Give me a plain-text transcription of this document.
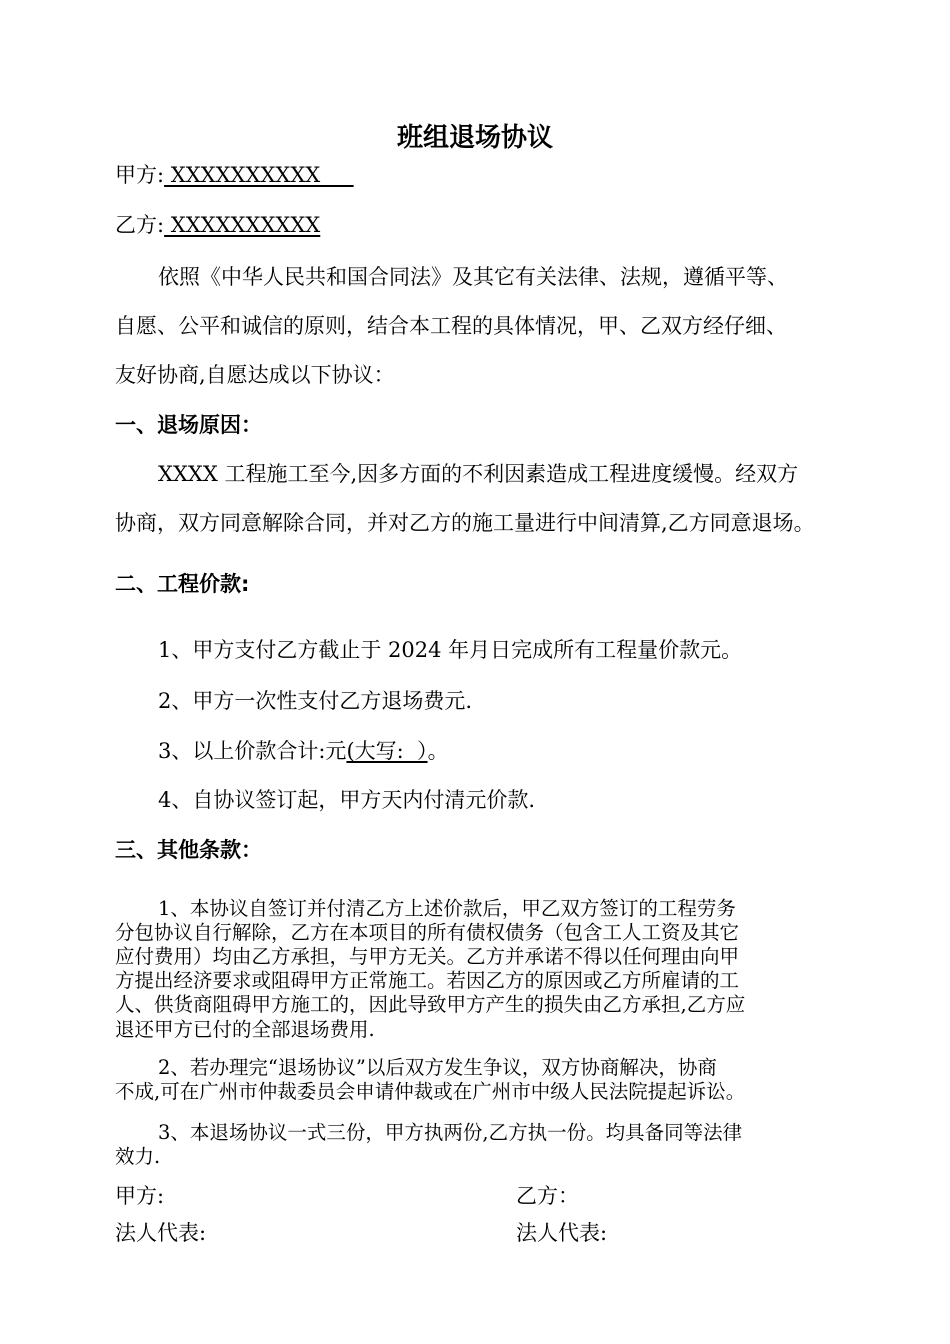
班组退场协议
甲方: XXXXXXXXXX
乙方: XXXXXXXXXX
依照《中华人民共和国合同法》及其它有关法律、法规，遵循平等、
自愿、公平和诚信的原则，结合本工程的具体情况，甲、乙双方经仔细、
友好协商,自愿达成以下协议：
一、退场原因：
XXXX 工程施工至今,因多方面的不利因素造成工程进度缓慢。经双方
协商，双方同意解除合同，并对乙方的施工量进行中间清算,乙方同意退场。
二、工程价款:
1、甲方支付乙方截止于 2024 年月日完成所有工程量价款元。
2、甲方一次性支付乙方退场费元.
3、以上价款合计:元(大写:  ）。
4、自协议签订起，甲方天内付清元价款.
三、其他条款：
1、本协议自签订并付清乙方上述价款后，甲乙双方签订的工程劳务
分包协议自行解除，乙方在本项目的所有债权债务（包含工人工资及其它
应付费用）均由乙方承担，与甲方无关。乙方并承诺不得以任何理由向甲
方提出经济要求或阻碍甲方正常施工。若因乙方的原因或乙方所雇请的工
人、供货商阻碍甲方施工的，因此导致甲方产生的损失由乙方承担,乙方应
退还甲方已付的全部退场费用.
2、若办理完“退场协议”以后双方发生争议，双方协商解决，协商
不成,可在广州市仲裁委员会申请仲裁或在广州市中级人民法院提起诉讼。
3、本退场协议一式三份，甲方执两份,乙方执一份。均具备同等法律
效力.
甲方:	乙方：
法人代表:	法人代表:
